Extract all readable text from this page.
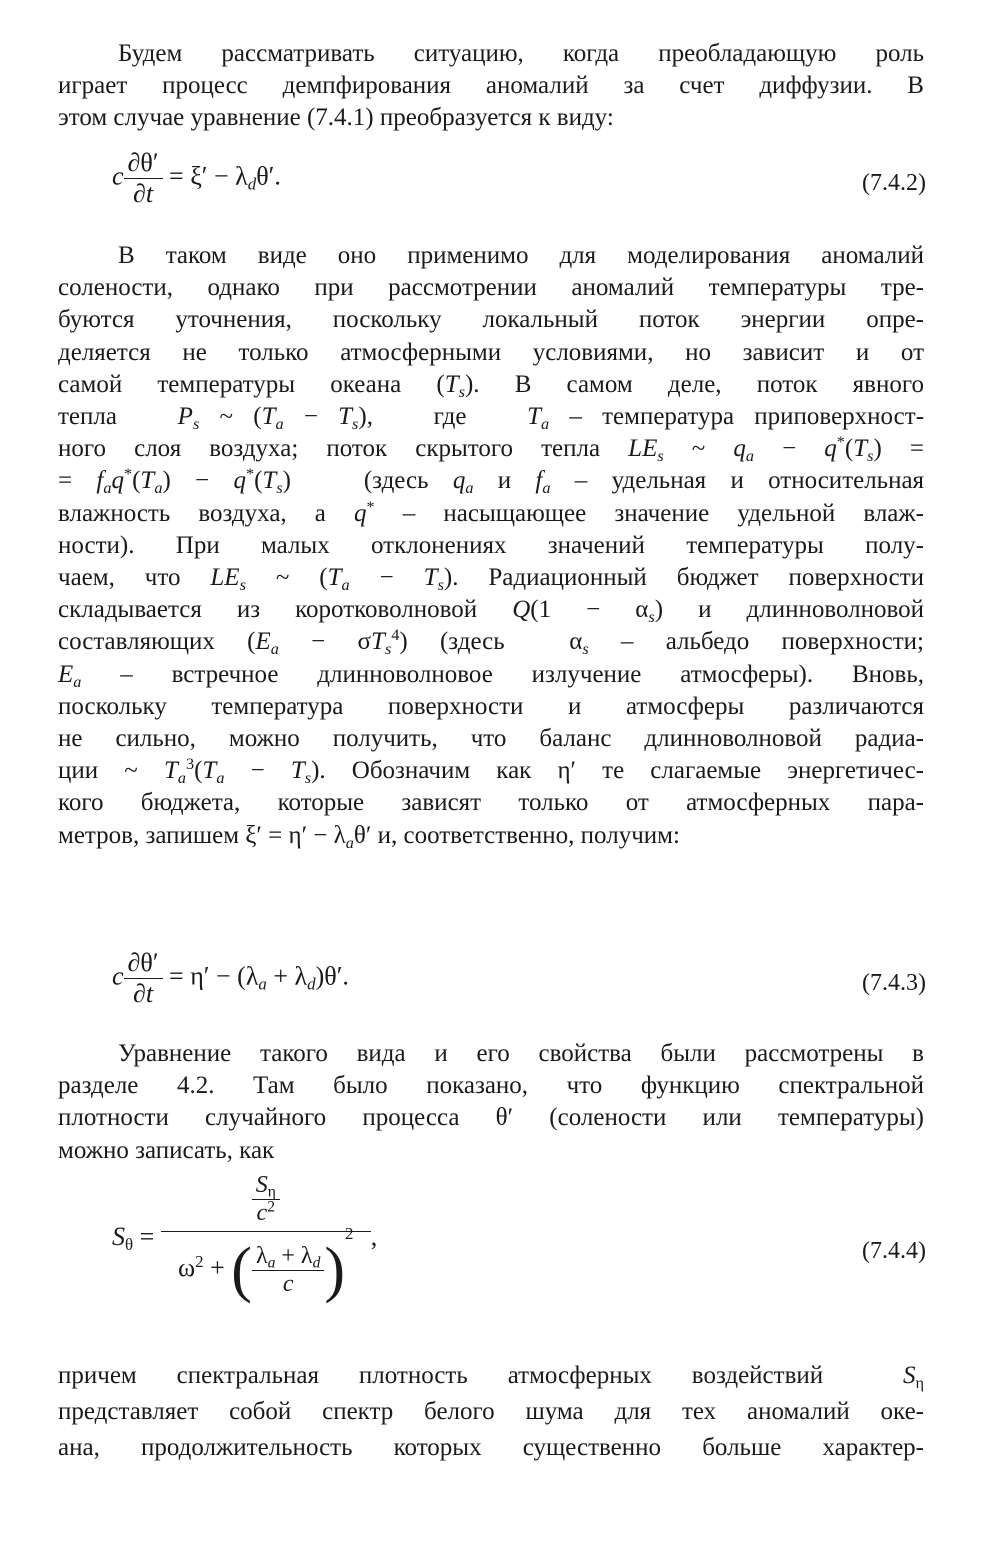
Будем рассматривать ситуацию, когда преобладающую роль
играет процесс демпфирования аномалий за счет диффузии. В
этом случае уравнение (7.4.1) преобразуется к виду:
c $\frac{\partial\theta'}{\partial t} = \xi' - \lambda_d\theta'$.	(7.4.2)
В таком виде оно применимо для моделирования аномалий
солености, однако при рассмотрении аномалий температуры тре-
буются уточнения, поскольку локальный поток энергии опре-
деляется не только атмосферными условиями, но зависит и от
самой температуры океана $(T_s)$. В самом деле, поток явного
тепла $P_s$ ~ $(T_a - T_s)$,   где $T_a$ – температура приповерхност-
ного слоя воздуха; поток скрытого тепла $LE_s$ ~ $q_a - q^*(T_s)$ =
= $f_aq^*(T_a) - q^*(T_s)$   (здесь $q_a$ и $f_a$ – удельная и относительная
влажность воздуха, а q* – насыщающее значение удельной влаж-
ности). При малых отклонениях значений температуры полу-
чаем, что $LE_s$ ~ $(T_a - T_s)$. Радиационный бюджет поверхности
складывается из коротковолновой $Q(1 - \alpha_s)$ и длинноволновой
составляющих $(E_a - \sigma T_s^4)$ (здесь  $\alpha_s$ – альбедо поверхности;
$E_a$ – встречное длинноволновое излучение атмосферы). Вновь,
поскольку температура поверхности и атмосферы различаются
не сильно, можно получить, что баланс длинноволновой радиа-
ции ~ $T_a^3(T_a - T_s)$. Обозначим как η′ те слагаемые энергетичес-
кого бюджета, которые зависят только от атмосферных пара-
метров, запишем $\xi' = \eta' - \lambda_a\theta'$ и, соответственно, получим:
c $\frac{\partial\theta'}{\partial t} = \eta' - (\lambda_a + \lambda_d)\theta'$.	(7.4.3)
Уравнение такого вида и его свойства были рассмотрены в
разделе 4.2. Там было показано, что функцию спектральной
плотности случайного процесса θ′ (солености или температуры)
можно записать, как
$S_\theta = \frac{\frac{S_\eta}{c^2}}{\omega^2 + ( \frac{\lambda_a + \lambda_d}{c} )^2}$ ,
(7.4.4)
причем спектральная плотность атмосферных воздействий	$S_\eta$
представляет собой спектр белого шума для тех аномалий оке-
ана, продолжительность которых существенно больше характер-
